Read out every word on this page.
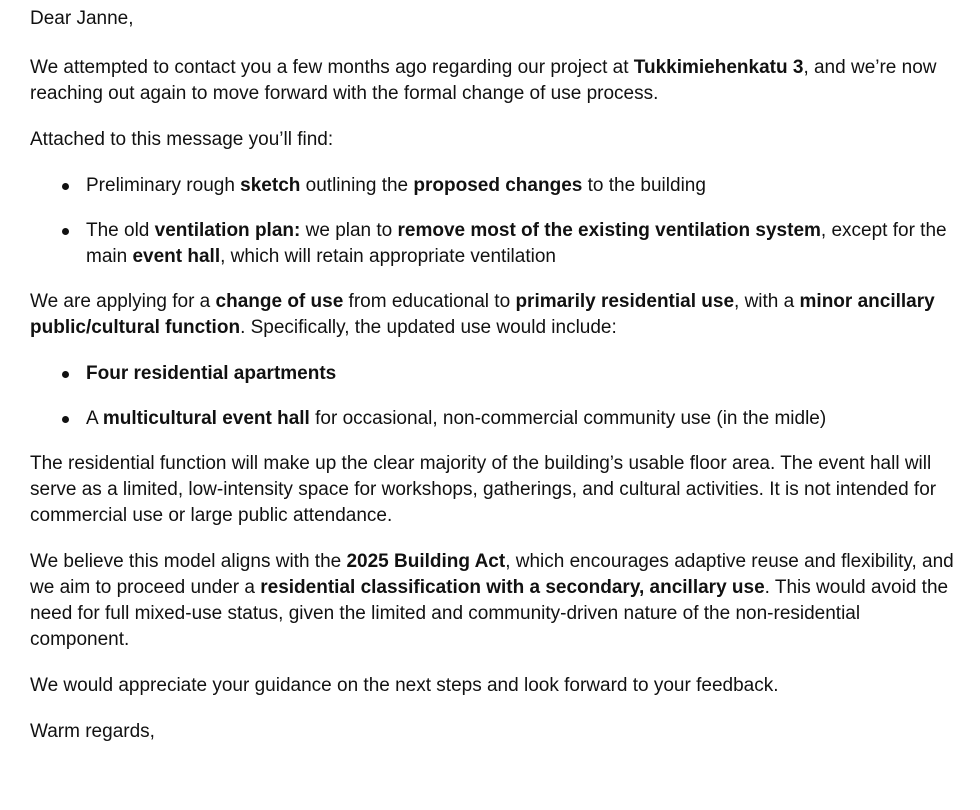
Dear Janne,

We attempted to contact you a few months ago regarding our project at Tukkimiehenkatu 3, and we’re now reaching out again to move forward with the formal change of use process.

Attached to this message you’ll find:

Preliminary rough sketch outlining the proposed changes to the building
The old ventilation plan: we plan to remove most of the existing ventilation system, except for the main event hall, which will retain appropriate ventilation

We are applying for a change of use from educational to primarily residential use, with a minor ancillary public/cultural function. Specifically, the updated use would include:

Four residential apartments
A multicultural event hall for occasional, non-commercial community use (in the midle)

The residential function will make up the clear majority of the building’s usable floor area. The event hall will serve as a limited, low-intensity space for workshops, gatherings, and cultural activities. It is not intended for commercial use or large public attendance.

We believe this model aligns with the 2025 Building Act, which encourages adaptive reuse and flexibility, and we aim to proceed under a residential classification with a secondary, ancillary use. This would avoid the need for full mixed-use status, given the limited and community-driven nature of the non-residential component.

We would appreciate your guidance on the next steps and look forward to your feedback.

Warm regards,
